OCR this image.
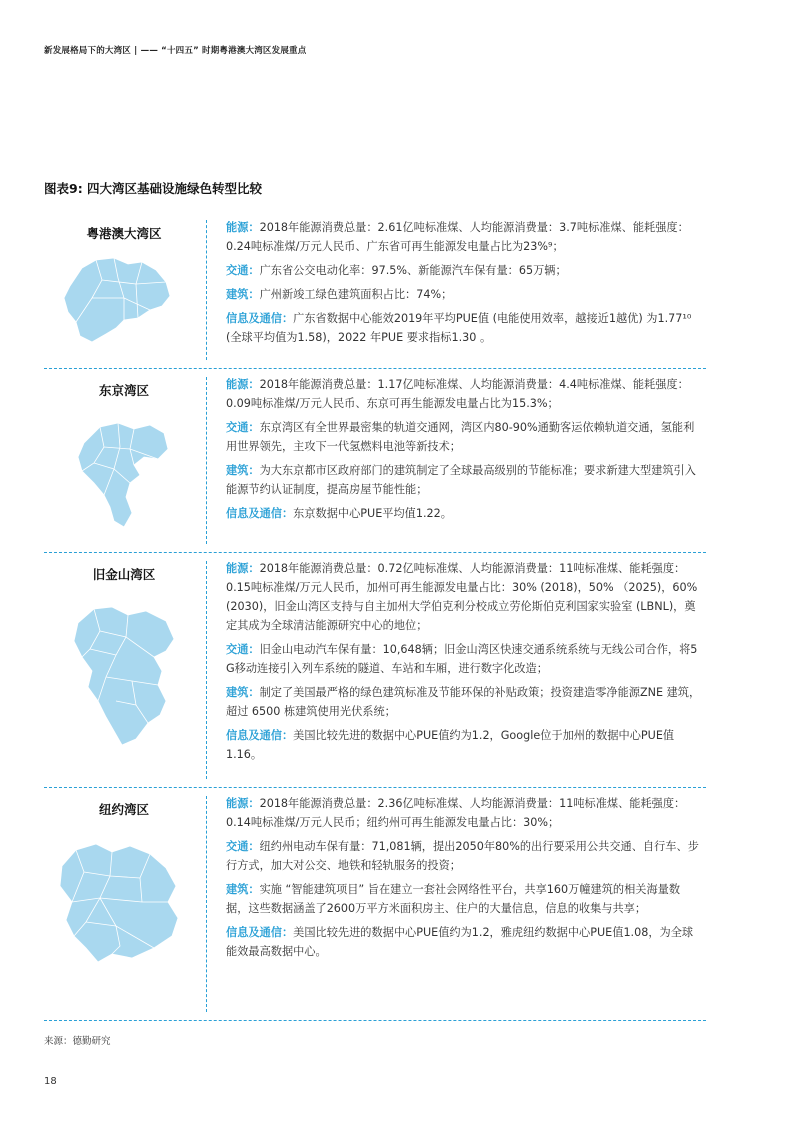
新发展格局下的大湾区 | —— “十四五” 时期粤港澳大湾区发展重点
图表9: 四大湾区基础设施绿色转型比较
粤港澳大湾区	能源：2018年能源消费总量：2.61亿吨标准煤、人均能源消费量：3.7吨标准煤、能耗强度：0.24吨标准煤/万元人民币、广东省可再生能源发电量占比为23%⁹；

交通：广东省公交电动化率：97.5%、新能源汽车保有量：65万辆；

建筑：广州新竣工绿色建筑面积占比：74%；

信息及通信：广东省数据中心能效2019年平均PUE值 (电能使用效率，越接近1越优) 为1.77¹⁰ (全球平均值为1.58)，2022 年PUE 要求指标1.30 。

东京湾区	能源：2018年能源消费总量：1.17亿吨标准煤、人均能源消费量：4.4吨标准煤、能耗强度：0.09吨标准煤/万元人民币、东京可再生能源发电量占比为15.3%；

交通：东京湾区有全世界最密集的轨道交通网，湾区内80-90%通勤客运依赖轨道交通，氢能利用世界领先，主攻下一代氢燃料电池等新技术；

建筑：为大东京都市区政府部门的建筑制定了全球最高级别的节能标准；要求新建大型建筑引入能源节约认证制度，提高房屋节能性能；

信息及通信：东京数据中心PUE平均值1.22。

旧金山湾区	能源：2018年能源消费总量：0.72亿吨标准煤、人均能源消费量：11吨标准煤、能耗强度：0.15吨标准煤/万元人民币，加州可再生能源发电量占比：30% (2018)，50% （2025)，60% (2030)，旧金山湾区支持与自主加州大学伯克利分校成立劳伦斯伯克利国家实验室 (LBNL)，奠定其成为全球清洁能源研究中心的地位；

交通：旧金山电动汽车保有量：10,648辆；旧金山湾区快速交通系统系统与无线公司合作，将5 G移动连接引入列车系统的隧道、车站和车厢，进行数字化改造；

建筑：制定了美国最严格的绿色建筑标准及节能环保的补贴政策；投资建造零净能源ZNE 建筑，超过 6500 栋建筑使用光伏系统；

信息及通信：美国比较先进的数据中心PUE值约为1.2，Google位于加州的数据中心PUE值1.16。

纽约湾区	能源：2018年能源消费总量：2.36亿吨标准煤、人均能源消费量：11吨标准煤、能耗强度：0.14吨标准煤/万元人民币；纽约州可再生能源发电量占比：30%；

交通：纽约州电动车保有量：71,081辆，提出2050年80%的出行要采用公共交通、自行车、步行方式，加大对公交、地铁和轻轨服务的投资；

建筑：实施 “智能建筑项目” 旨在建立一套社会网络性平台，共享160万幢建筑的相关海量数据，这些数据涵盖了2600万平方米面积房主、住户的大量信息，信息的收集与共享；

信息及通信：美国比较先进的数据中心PUE值约为1.2，雅虎纽约数据中心PUE值1.08，为全球能效最高数据中心。

来源：德勤研究
18
